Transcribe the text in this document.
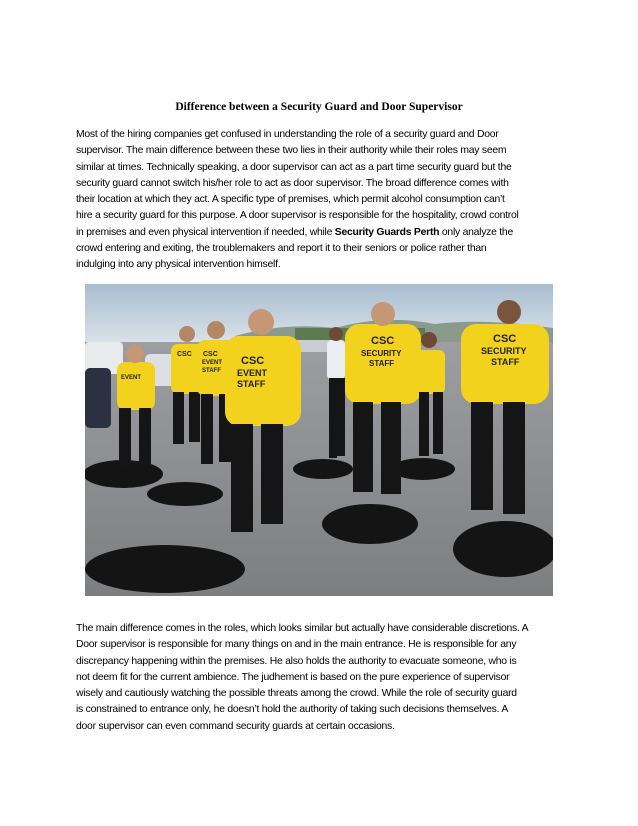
Difference between a Security Guard and Door Supervisor

Most of the hiring companies get confused in understanding the role of a security guard and Door
supervisor. The main difference between these two lies in their authority while their roles may seem
similar at times. Technically speaking, a door supervisor can act as a part time security guard but the
security guard cannot switch his/her role to act as door supervisor. The broad difference comes with
their location at which they act. A specific type of premises, which permit alcohol consumption can’t
hire a security guard for this purpose. A door supervisor is responsible for the hospitality, crowd control
in premises and even physical intervention if needed, while Security Guards Perth only analyze the
crowd entering and exiting, the troublemakers and report it to their seniors or police rather than
indulging into any physical intervention himself.

EVENT
CSC CSC
EVENT
STAFF
CSC
EVENT
STAFF
CSC
SECURITY
STAFF
CSC
SECURITY
STAFF

The main difference comes in the roles, which looks similar but actually have considerable discretions. A
Door supervisor is responsible for many things on and in the main entrance. He is responsible for any
discrepancy happening within the premises. He also holds the authority to evacuate someone, who is
not deem fit for the current ambience. The judhement is based on the pure experience of supervisor
wisely and cautiously watching the possible threats among the crowd. While the role of security guard
is constrained to entrance only, he doesn’t hold the authority of taking such decisions themselves. A
door supervisor can even command security guards at certain occasions.
